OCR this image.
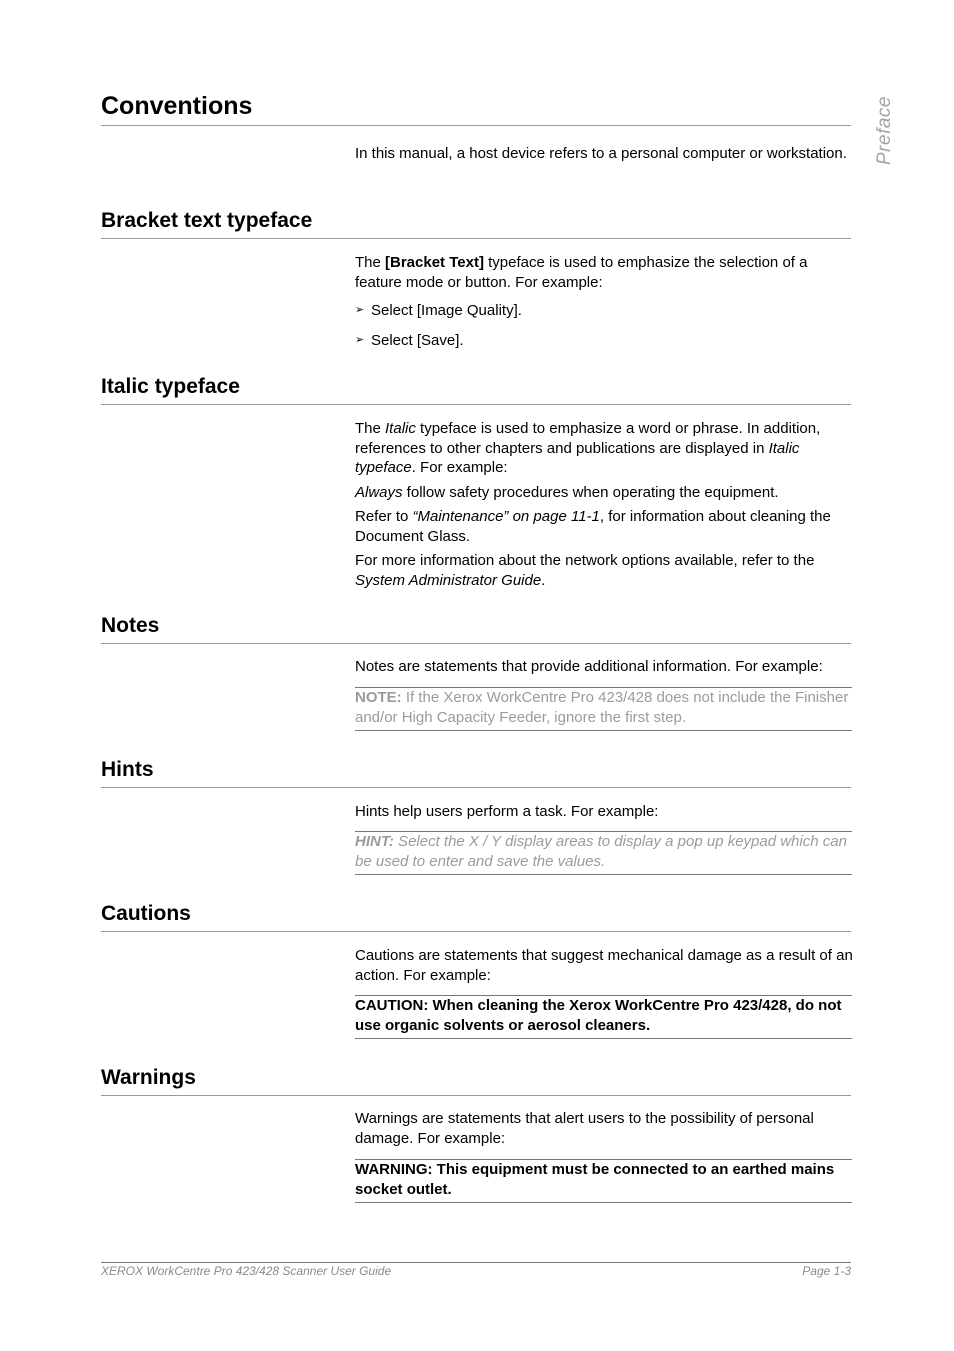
Preface
Conventions

In this manual, a host device refers to a personal computer or workstation.

Bracket text typeface

The [Bracket Text] typeface is used to emphasize the selection of a feature mode or button. For example:

➢ Select [Image Quality].
➢ Select [Save].
Italic typeface

The Italic typeface is used to emphasize a word or phrase. In addition, references to other chapters and publications are displayed in Italic typeface. For example:

Always follow safety procedures when operating the equipment.

Refer to “Maintenance” on page 11-1, for information about cleaning the Document Glass.

For more information about the network options available, refer to the System Administrator Guide.

Notes

Notes are statements that provide additional information. For example:

NOTE: If the Xerox WorkCentre Pro 423/428 does not include the Finisher and/or High Capacity Feeder, ignore the first step.
Hints

Hints help users perform a task. For example:

HINT: Select the X / Y display areas to display a pop up keypad which can be used to enter and save the values.
Cautions

Cautions are statements that suggest mechanical damage as a result of an action. For example:

CAUTION: When cleaning the Xerox WorkCentre Pro 423/428, do not use organic solvents or aerosol cleaners.
Warnings

Warnings are statements that alert users to the possibility of personal damage. For example:

WARNING: This equipment must be connected to an earthed mains socket outlet.
XEROX WorkCentre Pro 423/428 Scanner User Guide	Page 1-3
